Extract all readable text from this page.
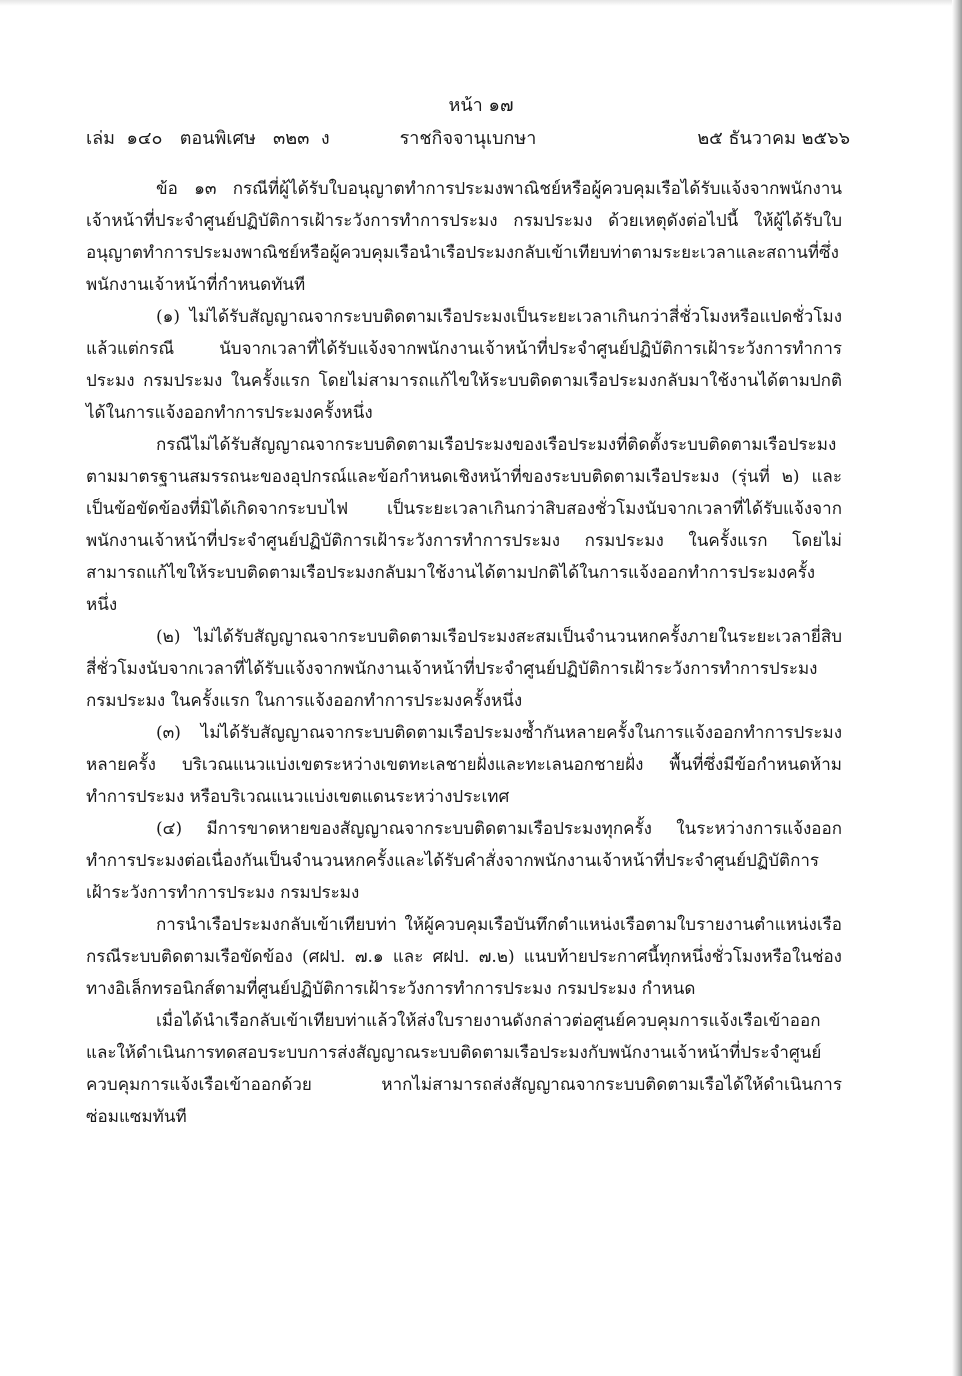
หน้า ๑๗
ราชกิจจานุเบกษา
เล่ม  ๑๔๐   ตอนพิเศษ   ๓๒๓  ง	๒๕ ธันวาคม ๒๕๖๖

ข้อ ๑๓ กรณีที่ผู้ได้รับใบอนุญาตทำการประมงพาณิชย์หรือผู้ควบคุมเรือได้รับแจ้งจากพนักงานเจ้าหน้าที่ประจำศูนย์ปฏิบัติการเฝ้าระวังการทำการประมง กรมประมง ด้วยเหตุดังต่อไปนี้ ให้ผู้ได้รับใบอนุญาตทำการประมงพาณิชย์หรือผู้ควบคุมเรือนำเรือประมงกลับเข้าเทียบท่าตามระยะเวลาและสถานที่ซึ่งพนักงานเจ้าหน้าที่กำหนดทันที

(๑) ไม่ได้รับสัญญาณจากระบบติดตามเรือประมงเป็นระยะเวลาเกินกว่าสี่ชั่วโมงหรือแปดชั่วโมงแล้วแต่กรณี นับจากเวลาที่ได้รับแจ้งจากพนักงานเจ้าหน้าที่ประจำศูนย์ปฏิบัติการเฝ้าระวังการทำการประมง กรมประมง ในครั้งแรก โดยไม่สามารถแก้ไขให้ระบบติดตามเรือประมงกลับมาใช้งานได้ตามปกติได้ในการแจ้งออกทำการประมงครั้งหนึ่ง

กรณีไม่ได้รับสัญญาณจากระบบติดตามเรือประมงของเรือประมงที่ติดตั้งระบบติดตามเรือประมงตามมาตรฐานสมรรถนะของอุปกรณ์และข้อกำหนดเชิงหน้าที่ของระบบติดตามเรือประมง (รุ่นที่ ๒) และเป็นข้อขัดข้องที่มิได้เกิดจากระบบไฟ เป็นระยะเวลาเกินกว่าสิบสองชั่วโมงนับจากเวลาที่ได้รับแจ้งจากพนักงานเจ้าหน้าที่ประจำศูนย์ปฏิบัติการเฝ้าระวังการทำการประมง กรมประมง ในครั้งแรก โดยไม่สามารถแก้ไขให้ระบบติดตามเรือประมงกลับมาใช้งานได้ตามปกติได้ในการแจ้งออกทำการประมงครั้งหนึ่ง

(๒) ไม่ได้รับสัญญาณจากระบบติดตามเรือประมงสะสมเป็นจำนวนหกครั้งภายในระยะเวลายี่สิบสี่ชั่วโมงนับจากเวลาที่ได้รับแจ้งจากพนักงานเจ้าหน้าที่ประจำศูนย์ปฏิบัติการเฝ้าระวังการทำการประมง กรมประมง ในครั้งแรก ในการแจ้งออกทำการประมงครั้งหนึ่ง

(๓) ไม่ได้รับสัญญาณจากระบบติดตามเรือประมงซ้ำกันหลายครั้งในการแจ้งออกทำการประมงหลายครั้ง บริเวณแนวแบ่งเขตระหว่างเขตทะเลชายฝั่งและทะเลนอกชายฝั่ง พื้นที่ซึ่งมีข้อกำหนดห้ามทำการประมง หรือบริเวณแนวแบ่งเขตแดนระหว่างประเทศ

(๔) มีการขาดหายของสัญญาณจากระบบติดตามเรือประมงทุกครั้ง ในระหว่างการแจ้งออกทำการประมงต่อเนื่องกันเป็นจำนวนหกครั้งและได้รับคำสั่งจากพนักงานเจ้าหน้าที่ประจำศูนย์ปฏิบัติการเฝ้าระวังการทำการประมง กรมประมง

การนำเรือประมงกลับเข้าเทียบท่า ให้ผู้ควบคุมเรือบันทึกตำแหน่งเรือตามใบรายงานตำแหน่งเรือกรณีระบบติดตามเรือขัดข้อง (ศฝป. ๗.๑ และ ศฝป. ๗.๒) แนบท้ายประกาศนี้ทุกหนึ่งชั่วโมงหรือในช่องทางอิเล็กทรอนิกส์ตามที่ศูนย์ปฏิบัติการเฝ้าระวังการทำการประมง กรมประมง กำหนด

เมื่อได้นำเรือกลับเข้าเทียบท่าแล้วให้ส่งใบรายงานดังกล่าวต่อศูนย์ควบคุมการแจ้งเรือเข้าออกและให้ดำเนินการทดสอบระบบการส่งสัญญาณระบบติดตามเรือประมงกับพนักงานเจ้าหน้าที่ประจำศูนย์ควบคุมการแจ้งเรือเข้าออกด้วย หากไม่สามารถส่งสัญญาณจากระบบติดตามเรือได้ให้ดำเนินการซ่อมแซมทันที
